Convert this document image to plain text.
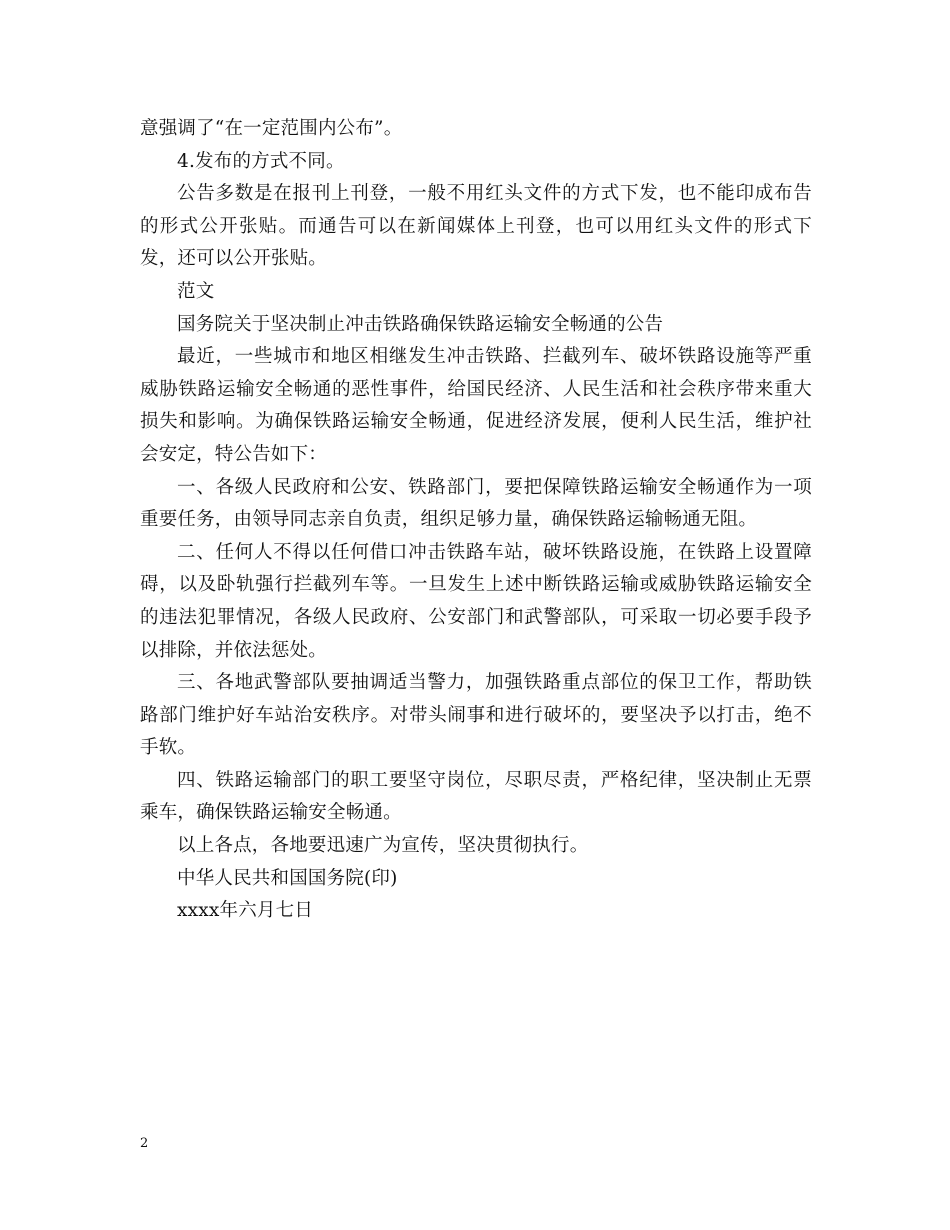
意强调了“在一定范围内公布”。

4.发布的方式不同。

公告多数是在报刊上刊登，一般不用红头文件的方式下发，也不能印成布告的形式公开张贴。而通告可以在新闻媒体上刊登，也可以用红头文件的形式下发，还可以公开张贴。

范文

国务院关于坚决制止冲击铁路确保铁路运输安全畅通的公告

最近，一些城市和地区相继发生冲击铁路、拦截列车、破坏铁路设施等严重威胁铁路运输安全畅通的恶性事件，给国民经济、人民生活和社会秩序带来重大损失和影响。为确保铁路运输安全畅通，促进经济发展，便利人民生活，维护社会安定，特公告如下：

一、各级人民政府和公安、铁路部门，要把保障铁路运输安全畅通作为一项重要任务，由领导同志亲自负责，组织足够力量，确保铁路运输畅通无阻。

二、任何人不得以任何借口冲击铁路车站，破坏铁路设施，在铁路上设置障碍，以及卧轨强行拦截列车等。一旦发生上述中断铁路运输或威胁铁路运输安全的违法犯罪情况，各级人民政府、公安部门和武警部队，可采取一切必要手段予以排除，并依法惩处。

三、各地武警部队要抽调适当警力，加强铁路重点部位的保卫工作，帮助铁路部门维护好车站治安秩序。对带头闹事和进行破坏的，要坚决予以打击，绝不手软。

四、铁路运输部门的职工要坚守岗位，尽职尽责，严格纪律，坚决制止无票乘车，确保铁路运输安全畅通。

以上各点，各地要迅速广为宣传，坚决贯彻执行。

中华人民共和国国务院(印)

xxxx年六月七日

2
